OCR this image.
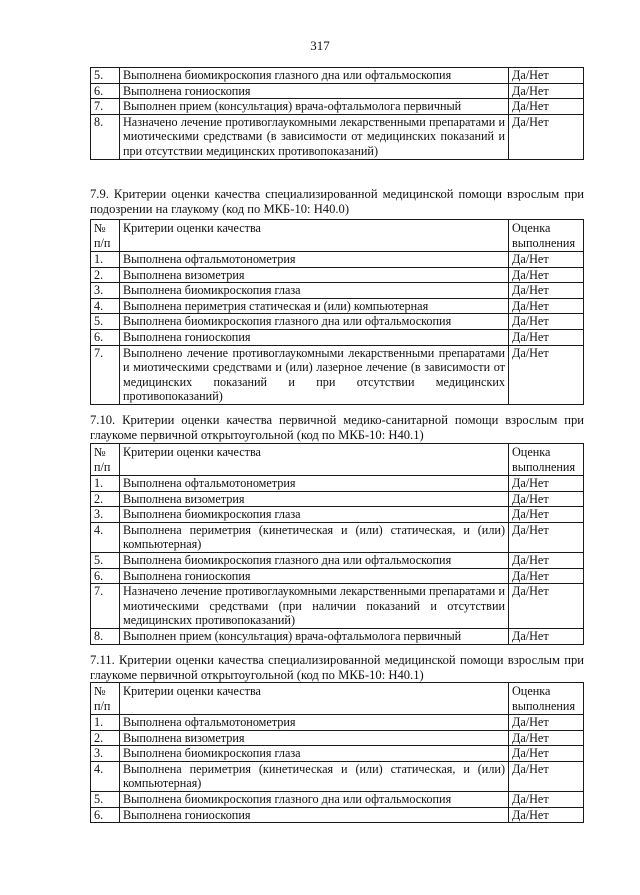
317
5.	Выполнена биомикроскопия глазного дна или офтальмоскопия	Да/Нет
6.	Выполнена гониоскопия	Да/Нет
7.	Выполнен прием (консультация) врача-офтальмолога первичный	Да/Нет
8.	Назначено лечение противоглаукомными лекарственными препаратами и миотическими средствами (в зависимости от медицинских показаний и при отсутствии медицинских противопоказаний)	Да/Нет
7.9. Критерии оценки качества специализированной медицинской помощи взрослым при подозрении на глаукому (код по МКБ-10: H40.0)
№ п/п	Критерии оценки качества	Оценка выполнения
1.	Выполнена офтальмотонометрия	Да/Нет
2.	Выполнена визометрия	Да/Нет
3.	Выполнена биомикроскопия глаза	Да/Нет
4.	Выполнена периметрия статическая и (или) компьютерная	Да/Нет
5.	Выполнена биомикроскопия глазного дна или офтальмоскопия	Да/Нет
6.	Выполнена гониоскопия	Да/Нет
7.	Выполнено лечение противоглаукомными лекарственными препаратами и миотическими средствами и (или) лазерное лечение (в зависимости от медицинских показаний и при отсутствии медицинских противопоказаний)	Да/Нет
7.10. Критерии оценки качества первичной медико-санитарной помощи взрослым при глаукоме первичной открытоугольной (код по МКБ-10: H40.1)
№ п/п	Критерии оценки качества	Оценка выполнения
1.	Выполнена офтальмотонометрия	Да/Нет
2.	Выполнена визометрия	Да/Нет
3.	Выполнена биомикроскопия глаза	Да/Нет
4.	Выполнена периметрия (кинетическая и (или) статическая, и (или) компьютерная)	Да/Нет
5.	Выполнена биомикроскопия глазного дна или офтальмоскопия	Да/Нет
6.	Выполнена гониоскопия	Да/Нет
7.	Назначено лечение противоглаукомными лекарственными препаратами и миотическими средствами (при наличии показаний и отсутствии медицинских противопоказаний)	Да/Нет
8.	Выполнен прием (консультация) врача-офтальмолога первичный	Да/Нет
7.11. Критерии оценки качества специализированной медицинской помощи взрослым при глаукоме первичной открытоугольной (код по МКБ-10: H40.1)
№ п/п	Критерии оценки качества	Оценка выполнения
1.	Выполнена офтальмотонометрия	Да/Нет
2.	Выполнена визометрия	Да/Нет
3.	Выполнена биомикроскопия глаза	Да/Нет
4.	Выполнена периметрия (кинетическая и (или) статическая, и (или) компьютерная)	Да/Нет
5.	Выполнена биомикроскопия глазного дна или офтальмоскопия	Да/Нет
6.	Выполнена гониоскопия	Да/Нет
